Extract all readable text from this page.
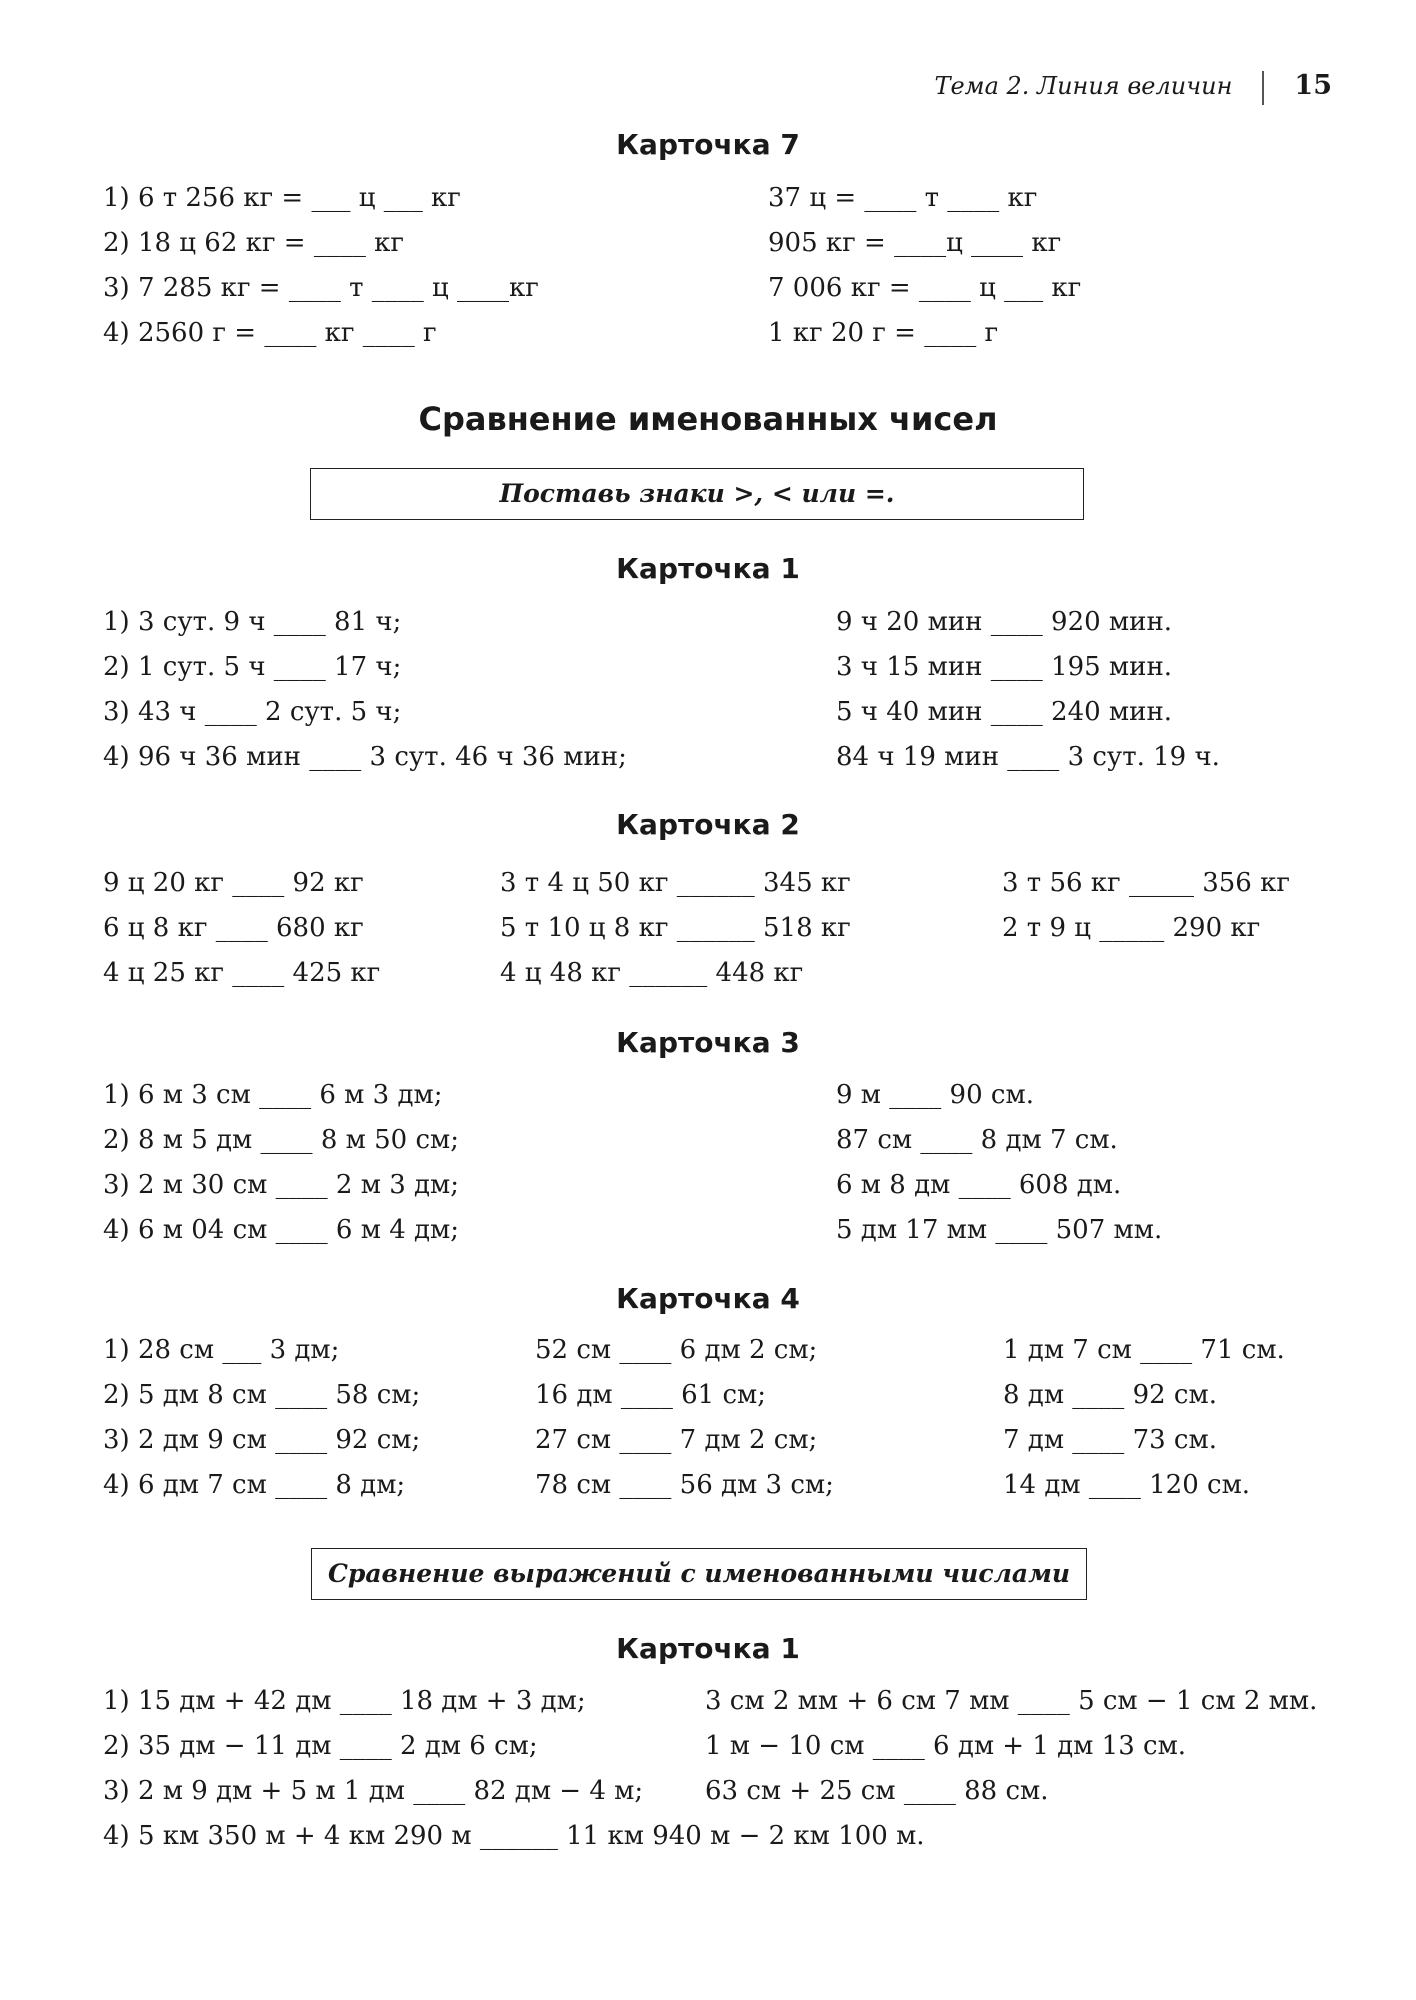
Тема 2. Линия величин 15
Карточка 7
1) 6 т 256 кг = ___ ц ___ кг
2) 18 ц 62 кг = ____ кг
3) 7 285 кг = ____ т ____ ц ____кг
4) 2560 г = ____ кг ____ г
37 ц = ____ т ____ кг
905 кг = ____ц ____ кг
7 006 кг = ____ ц ___ кг
1 кг 20 г = ____ г
Сравнение именованных чисел
Поставь знаки >, < или =.
Карточка 1
1) 3 сут. 9 ч ____ 81 ч;
2) 1 сут. 5 ч ____ 17 ч;
3) 43 ч ____ 2 сут. 5 ч;
4) 96 ч 36 мин ____ 3 сут. 46 ч 36 мин;
9 ч 20 мин ____ 920 мин.
3 ч 15 мин ____ 195 мин.
5 ч 40 мин ____ 240 мин.
84 ч 19 мин ____ 3 сут. 19 ч.
Карточка 2
9 ц 20 кг ____ 92 кг
6 ц 8 кг ____ 680 кг
4 ц 25 кг ____ 425 кг
3 т 4 ц 50 кг ______ 345 кг
5 т 10 ц 8 кг ______ 518 кг
4 ц 48 кг ______ 448 кг
3 т 56 кг _____ 356 кг
2 т 9 ц _____ 290 кг
Карточка 3
1) 6 м 3 см ____ 6 м 3 дм;
2) 8 м 5 дм ____ 8 м 50 см;
3) 2 м 30 см ____ 2 м 3 дм;
4) 6 м 04 см ____ 6 м 4 дм;
9 м ____ 90 см.
87 см ____ 8 дм 7 см.
6 м 8 дм ____ 608 дм.
5 дм 17 мм ____ 507 мм.
Карточка 4
1) 28 см ___ 3 дм;
2) 5 дм 8 см ____ 58 см;
3) 2 дм 9 см ____ 92 см;
4) 6 дм 7 см ____ 8 дм;
52 см ____ 6 дм 2 см;
16 дм ____ 61 см;
27 см ____ 7 дм 2 см;
78 см ____ 56 дм 3 см;
1 дм 7 см ____ 71 см.
8 дм ____ 92 см.
7 дм ____ 73 см.
14 дм ____ 120 см.
Сравнение выражений с именованными числами
Карточка 1
1) 15 дм + 42 дм ____ 18 дм + 3 дм;
2) 35 дм − 11 дм ____ 2 дм 6 см;
3) 2 м 9 дм + 5 м 1 дм ____ 82 дм − 4 м;
4) 5 км 350 м + 4 км 290 м ______ 11 км 940 м − 2 км 100 м.
3 см 2 мм + 6 см 7 мм ____ 5 см − 1 см 2 мм.
1 м − 10 см ____ 6 дм + 1 дм 13 см.
63 см + 25 см ____ 88 см.
